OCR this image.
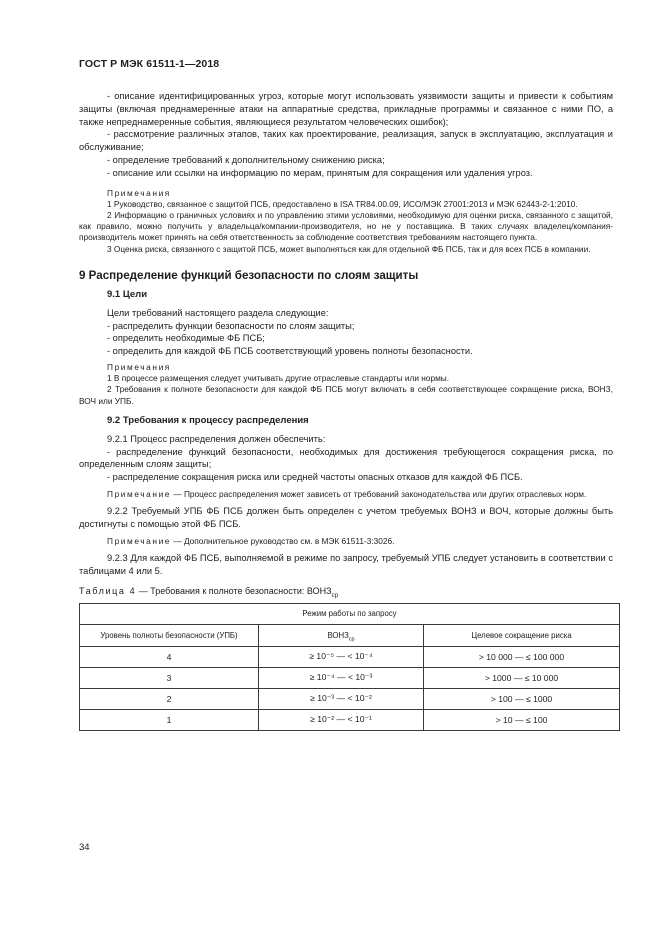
ГОСТ Р МЭК 61511-1—2018

- описание идентифицированных угроз, которые могут использовать уязвимости защиты и привести к событиям защиты (включая преднамеренные атаки на аппаратные средства, прикладные программы и связанное с ними ПО, а также непреднамеренные события, являющиеся результатом человеческих ошибок);

- рассмотрение различных этапов, таких как проектирование, реализация, запуск в эксплуатацию, эксплуатация и обслуживание;

- определение требований к дополнительному снижению риска;

- описание или ссылки на информацию по мерам, принятым для сокращения или удаления угроз.

Примечания

1 Руководство, связанное с защитой ПСБ, предоставлено в ISA TR84.00.09, ИСО/МЭК 27001:2013 и МЭК 62443-2-1:2010.

2 Информацию о граничных условиях и по управлению этими условиями, необходимую для оценки риска, связанного с защитой, как правило, можно получить у владельца/компании-производителя, но не у поставщика. В таких случаях владелец/компания-производитель может принять на себя ответственность за соблюдение соответствия требованиям настоящего пункта.

3 Оценка риска, связанного с защитой ПСБ, может выполняться как для отдельной ФБ ПСБ, так и для всех ПСБ в компании.

9 Распределение функций безопасности по слоям защиты

9.1 Цели

Цели требований настоящего раздела следующие:

- распределить функции безопасности по слоям защиты;

- определить необходимые ФБ ПСБ;

- определить для каждой ФБ ПСБ соответствующий уровень полноты безопасности.

Примечания

1 В процессе размещения следует учитывать другие отраслевые стандарты или нормы.

2 Требования к полноте безопасности для каждой ФБ ПСБ могут включать в себя соответствующее сокращение риска, ВОНЗ, ВОЧ или УПБ.

9.2 Требования к процессу распределения

9.2.1 Процесс распределения должен обеспечить:

- распределение функций безопасности, необходимых для достижения требующегося сокращения риска, по определенным слоям защиты;

- распределение сокращения риска или средней частоты опасных отказов для каждой ФБ ПСБ.

Примечание — Процесс распределения может зависеть от требований законодательства или других отраслевых норм.

9.2.2 Требуемый УПБ ФБ ПСБ должен быть определен с учетом требуемых ВОНЗ и ВОЧ, которые должны быть достигнуты с помощью этой ФБ ПСБ.

Примечание — Дополнительное руководство см. в МЭК 61511-3:3026.

9.2.3 Для каждой ФБ ПСБ, выполняемой в режиме по запросу, требуемый УПБ следует установить в соответствии с таблицами 4 или 5.

Таблица 4 — Требования к полноте безопасности: $ВОНЗ_{ср}$

Режим работы по запросу		
Уровень полноты безопасности (УПБ)	$ВОНЗ_{ср}$	Целевое сокращение риска
4	≥ 10⁻⁵ — < 10⁻⁴	> 10 000 — ≤ 100 000
3	≥ 10⁻⁴ — < 10⁻³	> 1000 — ≤ 10 000
2	≥ 10⁻³ — < 10⁻²	> 100 — ≤ 1000
1	≥ 10⁻² — < 10⁻¹	> 10 — ≤ 100
34
